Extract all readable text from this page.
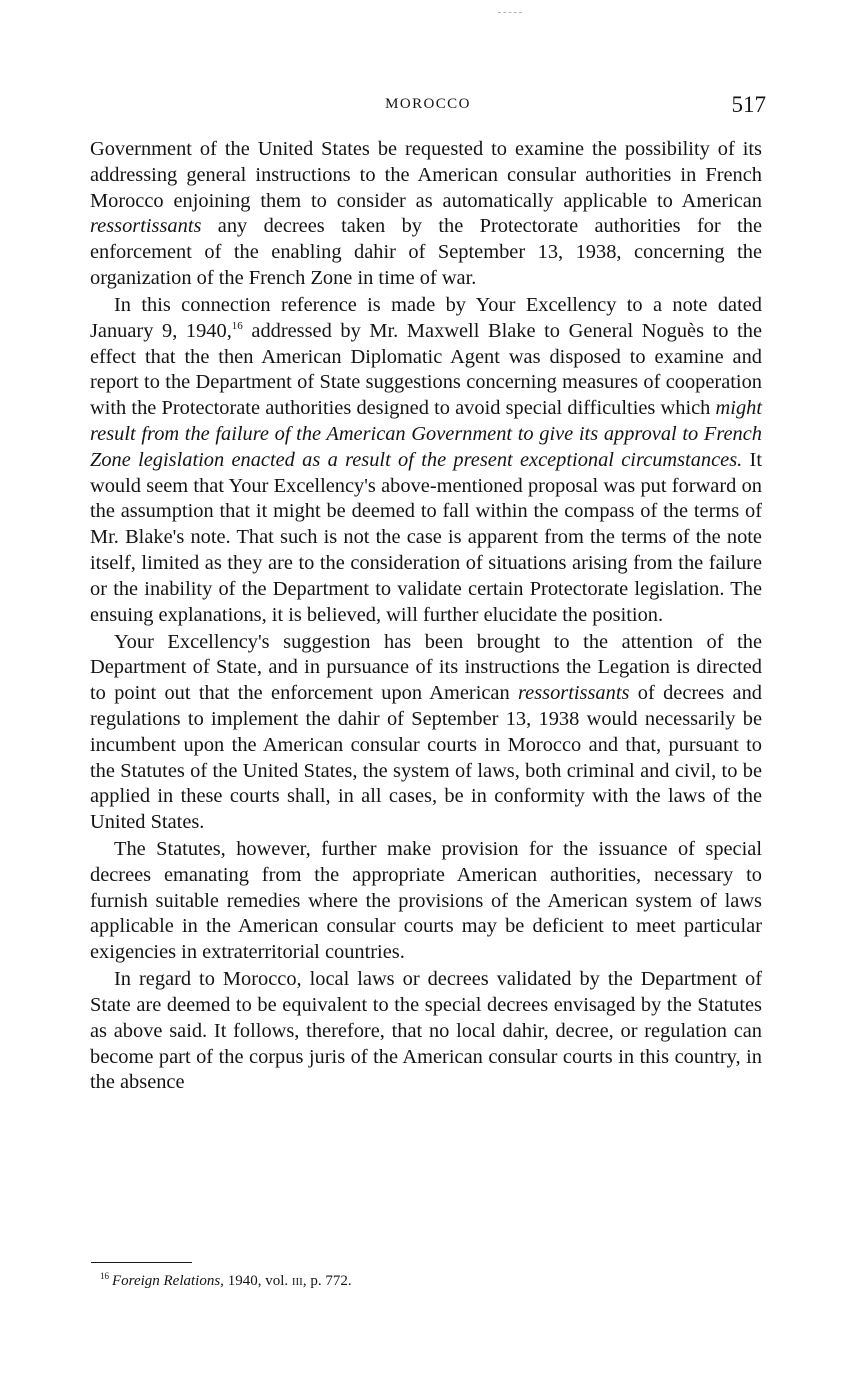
MOROCCO	517

Government of the United States be requested to examine the possibility of its addressing general instructions to the American consular authorities in French Morocco enjoining them to consider as automatically applicable to American ressortissants any decrees taken by the Protectorate authorities for the enforcement of the enabling dahir of September 13, 1938, concerning the organization of the French Zone in time of war.

In this connection reference is made by Your Excellency to a note dated January 9, 1940,16 addressed by Mr. Maxwell Blake to General Noguès to the effect that the then American Diplomatic Agent was disposed to examine and report to the Department of State suggestions concerning measures of cooperation with the Protectorate authorities designed to avoid special difficulties which might result from the failure of the American Government to give its approval to French Zone legislation enacted as a result of the present exceptional circumstances. It would seem that Your Excellency's above-mentioned proposal was put forward on the assumption that it might be deemed to fall within the compass of the terms of Mr. Blake's note. That such is not the case is apparent from the terms of the note itself, limited as they are to the consideration of situations arising from the failure or the inability of the Department to validate certain Protectorate legislation. The ensuing explanations, it is believed, will further elucidate the position.

Your Excellency's suggestion has been brought to the attention of the Department of State, and in pursuance of its instructions the Legation is directed to point out that the enforcement upon American ressortissants of decrees and regulations to implement the dahir of September 13, 1938 would necessarily be incumbent upon the American consular courts in Morocco and that, pursuant to the Statutes of the United States, the system of laws, both criminal and civil, to be applied in these courts shall, in all cases, be in conformity with the laws of the United States.

The Statutes, however, further make provision for the issuance of special decrees emanating from the appropriate American authorities, necessary to furnish suitable remedies where the provisions of the American system of laws applicable in the American consular courts may be deficient to meet particular exigencies in extraterritorial countries.

In regard to Morocco, local laws or decrees validated by the Department of State are deemed to be equivalent to the special decrees envisaged by the Statutes as above said. It follows, therefore, that no local dahir, decree, or regulation can become part of the corpus juris of the American consular courts in this country, in the absence

$^{16}$ Foreign Relations, 1940, vol. iii, p. 772.
